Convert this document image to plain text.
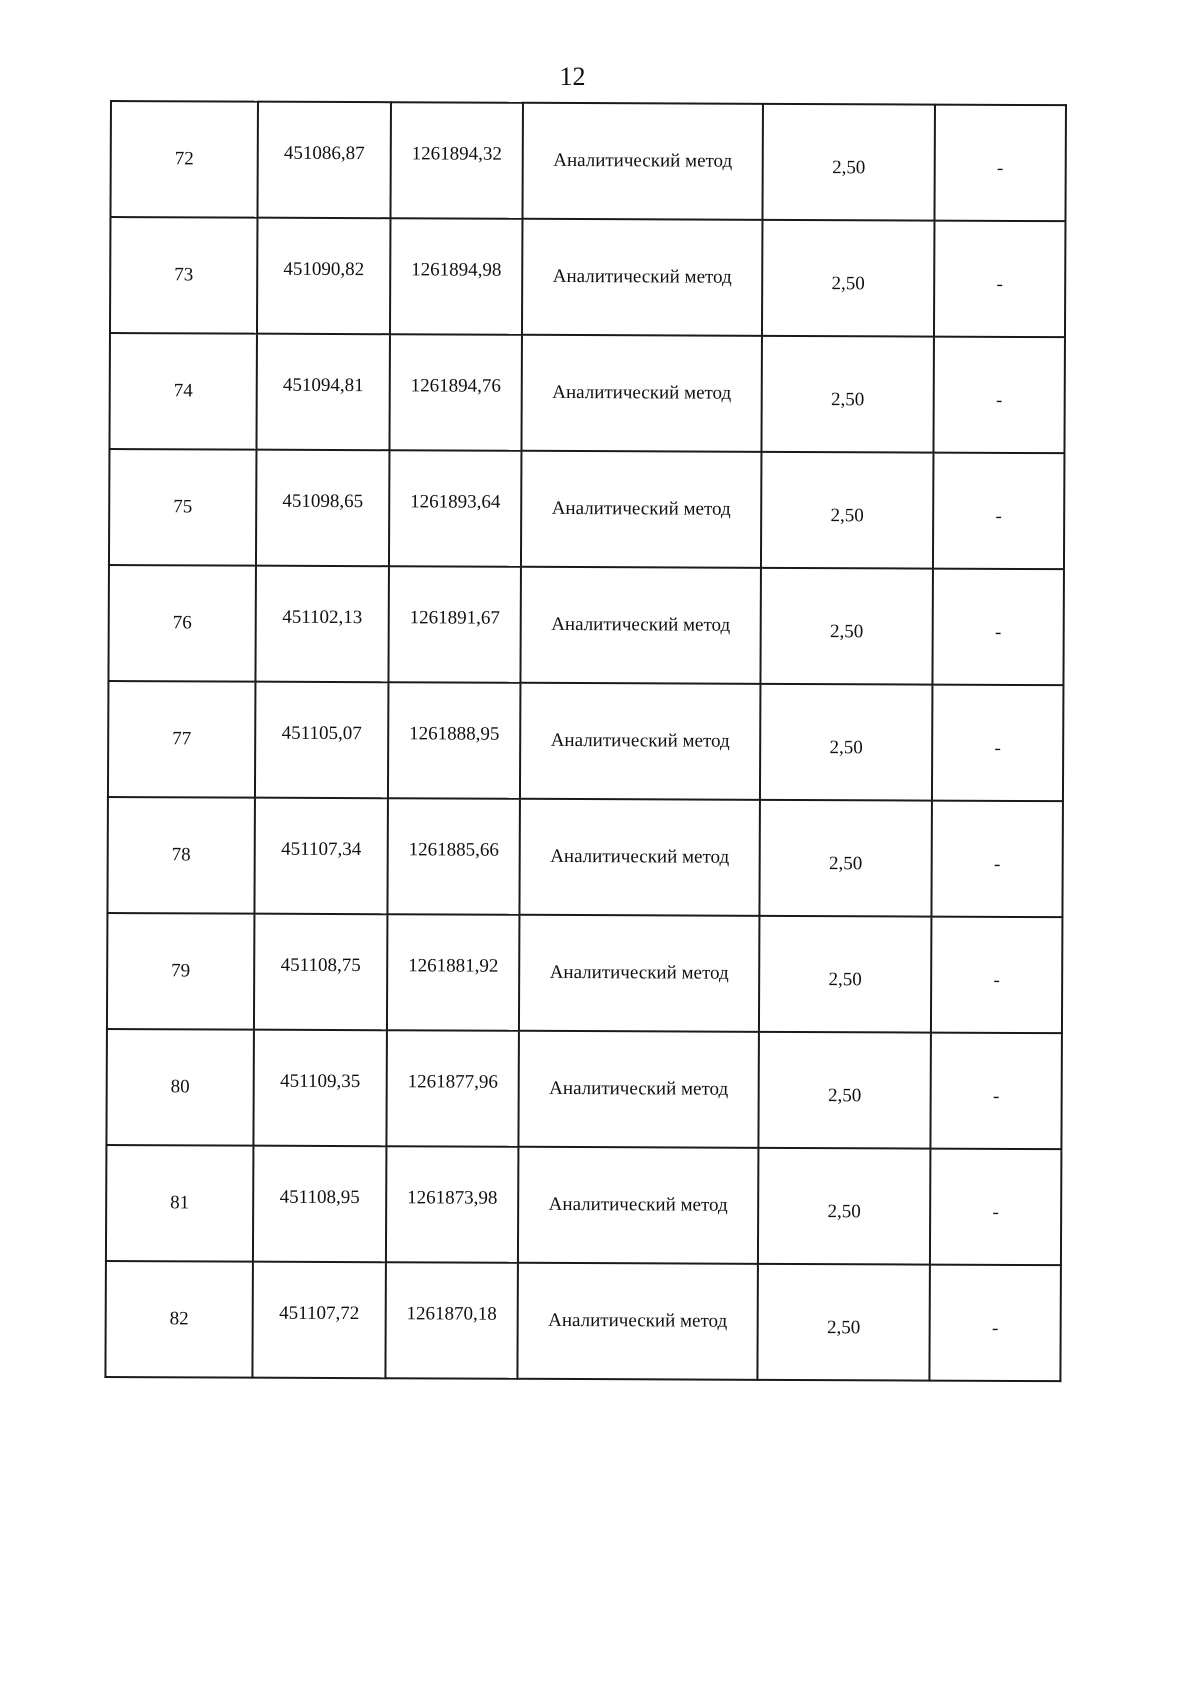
12
72	451086,87	1261894,32	Аналитический метод	2,50	-
73	451090,82	1261894,98	Аналитический метод	2,50	-
74	451094,81	1261894,76	Аналитический метод	2,50	-
75	451098,65	1261893,64	Аналитический метод	2,50	-
76	451102,13	1261891,67	Аналитический метод	2,50	-
77	451105,07	1261888,95	Аналитический метод	2,50	-
78	451107,34	1261885,66	Аналитический метод	2,50	-
79	451108,75	1261881,92	Аналитический метод	2,50	-
80	451109,35	1261877,96	Аналитический метод	2,50	-
81	451108,95	1261873,98	Аналитический метод	2,50	-
82	451107,72	1261870,18	Аналитический метод	2,50	-
